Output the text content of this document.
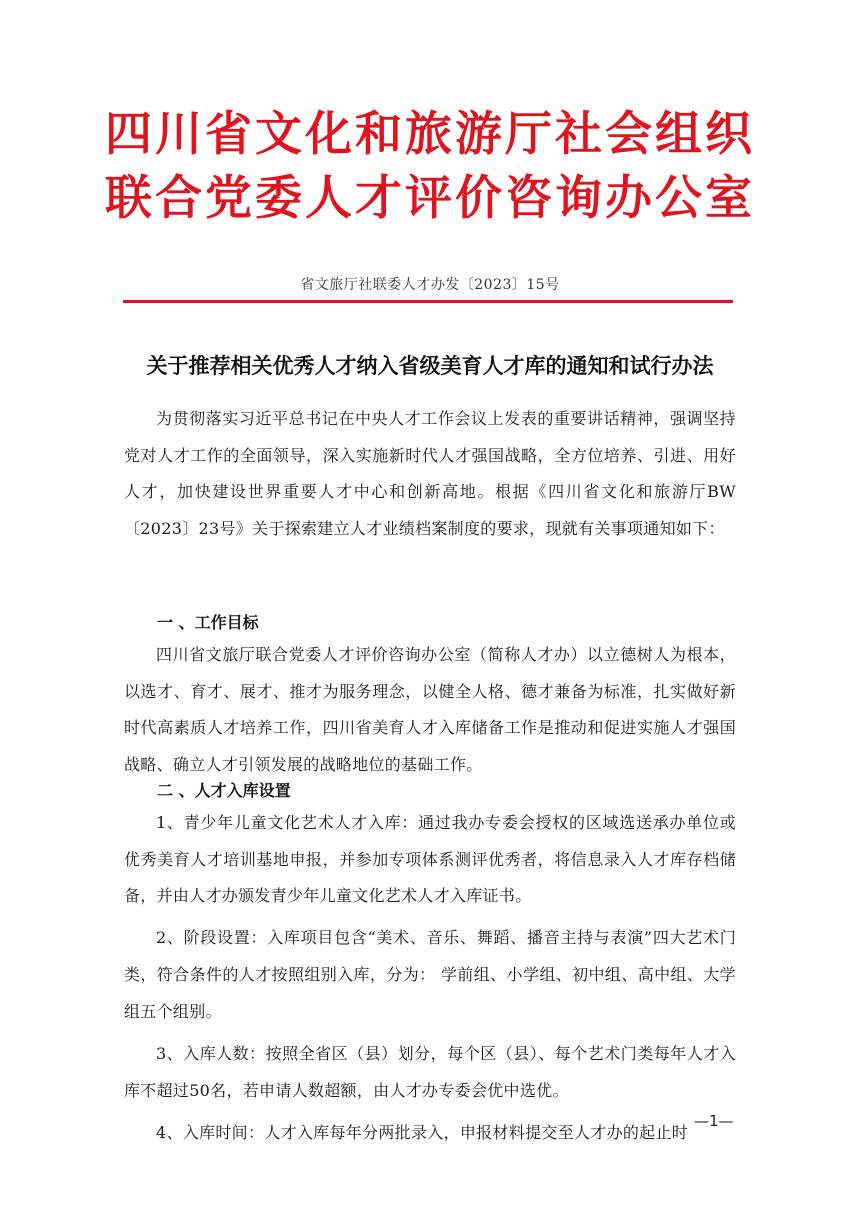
四川省文化和旅游厅社会组织
联合党委人才评价咨询办公室
省文旅厅社联委人才办发〔2023〕15号
关于推荐相关优秀人才纳入省级美育人才库的通知和试行办法

为贯彻落实习近平总书记在中央人才工作会议上发表的重要讲话精神，强调坚持党对人才工作的全面领导，深入实施新时代人才强国战略，全方位培养、引进、用好人才，加快建设世界重要人才中心和创新高地。根据《四川省文化和旅游厅BW〔2023〕23号》关于探索建立人才业绩档案制度的要求，现就有关事项通知如下：

一 、工作目标

四川省文旅厅联合党委人才评价咨询办公室（简称人才办）以立德树人为根本，以选才、育才、展才、推才为服务理念，以健全人格、德才兼备为标准，扎实做好新时代高素质人才培养工作，四川省美育人才入库储备工作是推动和促进实施人才强国战略、确立人才引领发展的战略地位的基础工作。

二 、人才入库设置

1、青少年儿童文化艺术人才入库：通过我办专委会授权的区域选送承办单位或优秀美育人才培训基地申报，并参加专项体系测评优秀者，将信息录入人才库存档储备，并由人才办颁发青少年儿童文化艺术人才入库证书。

2、阶段设置：入库项目包含“美术、音乐、舞蹈、播音主持与表演”四大艺术门类，符合条件的人才按照组别入库，分为： 学前组、小学组、初中组、高中组、大学组五个组别。

3、入库人数：按照全省区（县）划分，每个区（县）、每个艺术门类每年人才入库不超过50名，若申请人数超额，由人才办专委会优中选优。

4、入库时间：人才入库每年分两批录入，申报材料提交至人才办的起止时

—1—
